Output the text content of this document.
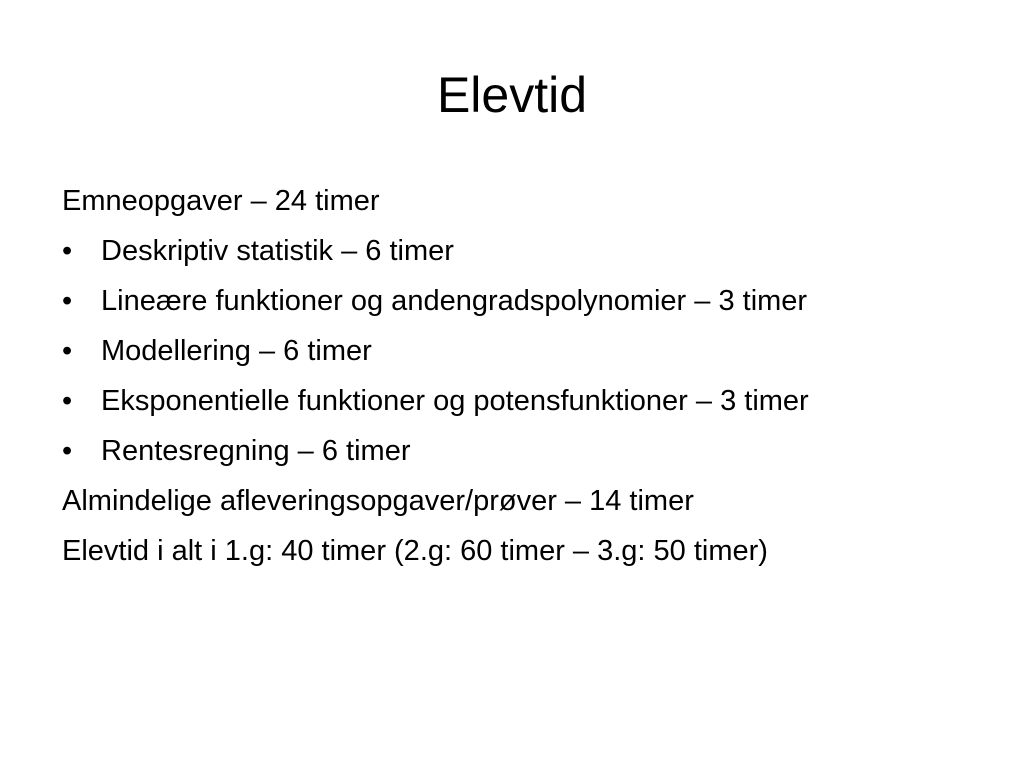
Elevtid
Emneopgaver – 24 timer
• Deskriptiv statistik – 6 timer
• Lineære funktioner og andengradspolynomier – 3 timer
• Modellering – 6 timer
• Eksponentielle funktioner og potensfunktioner – 3 timer
• Rentesregning – 6 timer
Almindelige afleveringsopgaver/prøver – 14 timer
Elevtid i alt i 1.g: 40 timer (2.g: 60 timer – 3.g: 50 timer)
